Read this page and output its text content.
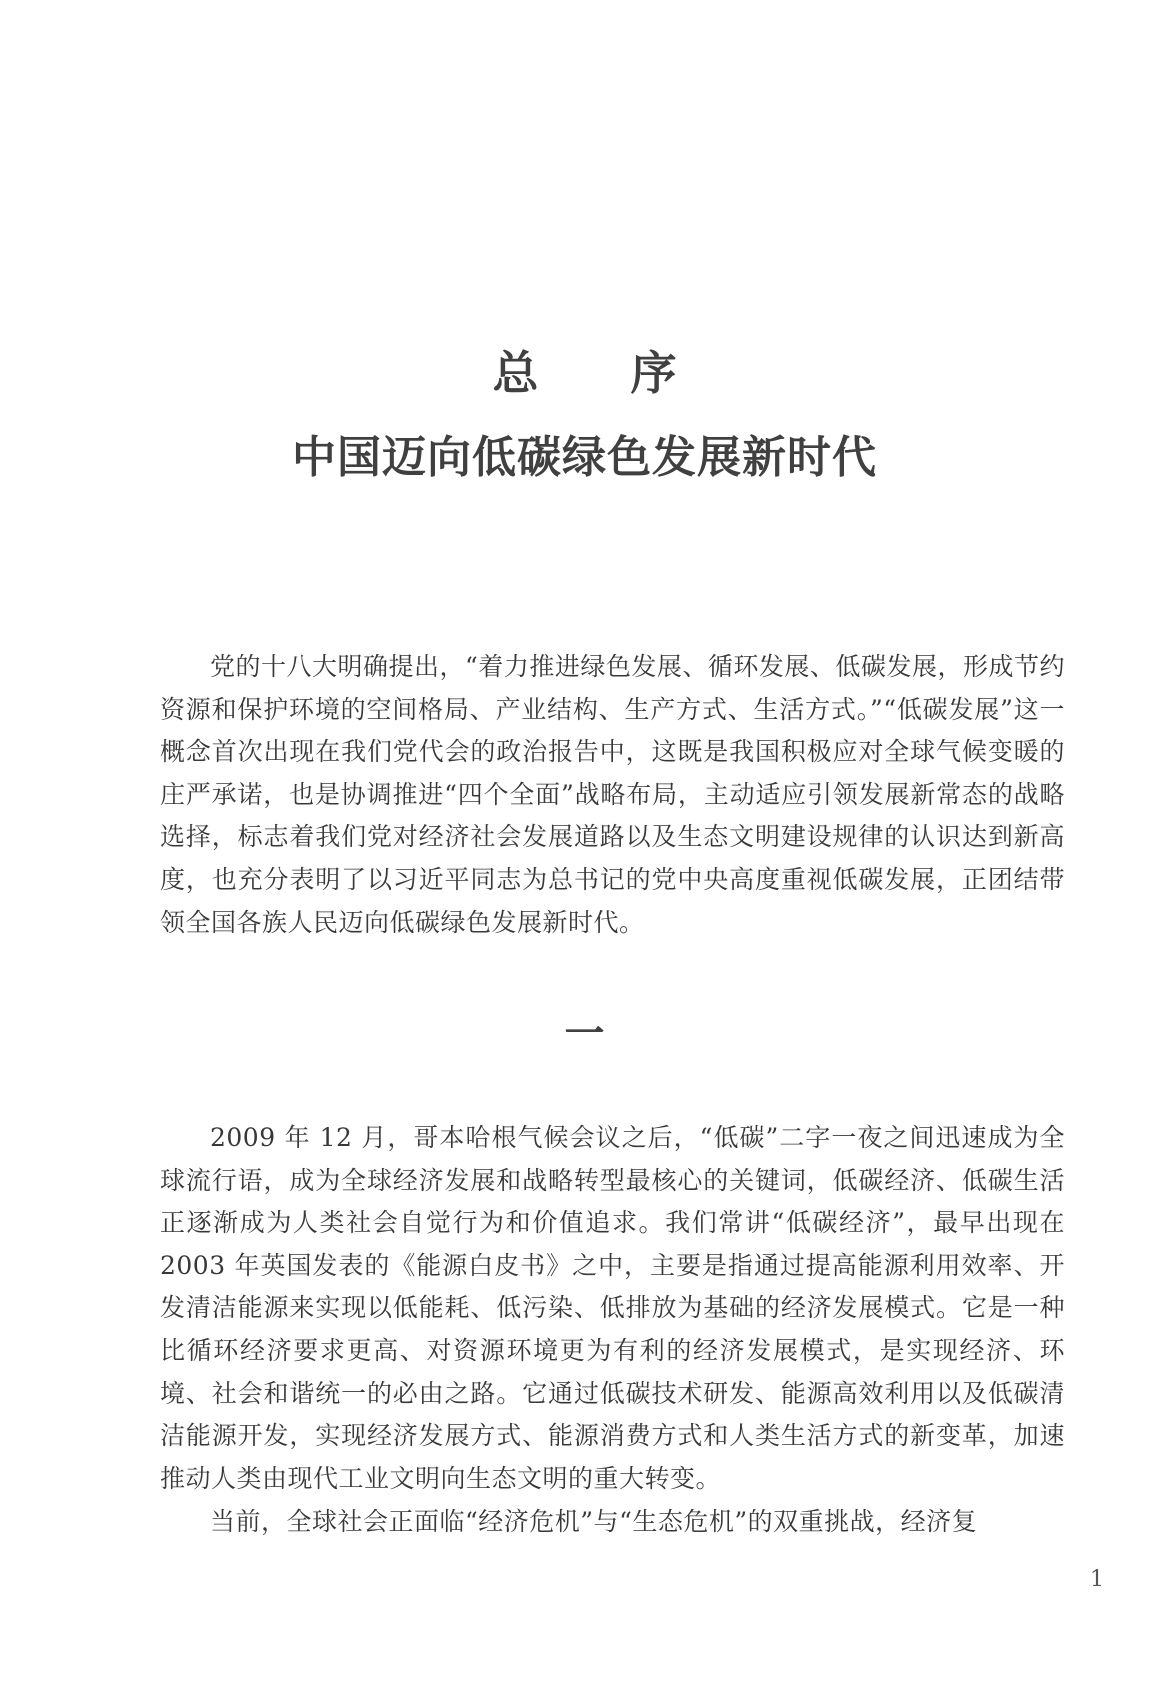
总 序
中国迈向低碳绿色发展新时代

党的十八大明确提出，“着力推进绿色发展、循环发展、低碳发展，形成节约资源和保护环境的空间格局、产业结构、生产方式、生活方式。”“低碳发展”这一概念首次出现在我们党代会的政治报告中，这既是我国积极应对全球气候变暖的庄严承诺，也是协调推进“四个全面”战略布局，主动适应引领发展新常态的战略选择，标志着我们党对经济社会发展道路以及生态文明建设规律的认识达到新高度，也充分表明了以习近平同志为总书记的党中央高度重视低碳发展，正团结带领全国各族人民迈向低碳绿色发展新时代。

一

2009 年 12 月，哥本哈根气候会议之后，“低碳”二字一夜之间迅速成为全球流行语，成为全球经济发展和战略转型最核心的关键词，低碳经济、低碳生活正逐渐成为人类社会自觉行为和价值追求。我们常讲“低碳经济”，最早出现在 2003 年英国发表的《能源白皮书》之中，主要是指通过提高能源利用效率、开发清洁能源来实现以低能耗、低污染、低排放为基础的经济发展模式。它是一种比循环经济要求更高、对资源环境更为有利的经济发展模式，是实现经济、环境、社会和谐统一的必由之路。它通过低碳技术研发、能源高效利用以及低碳清洁能源开发，实现经济发展方式、能源消费方式和人类生活方式的新变革，加速推动人类由现代工业文明向生态文明的重大转变。

当前，全球社会正面临“经济危机”与“生态危机”的双重挑战，经济复

1
